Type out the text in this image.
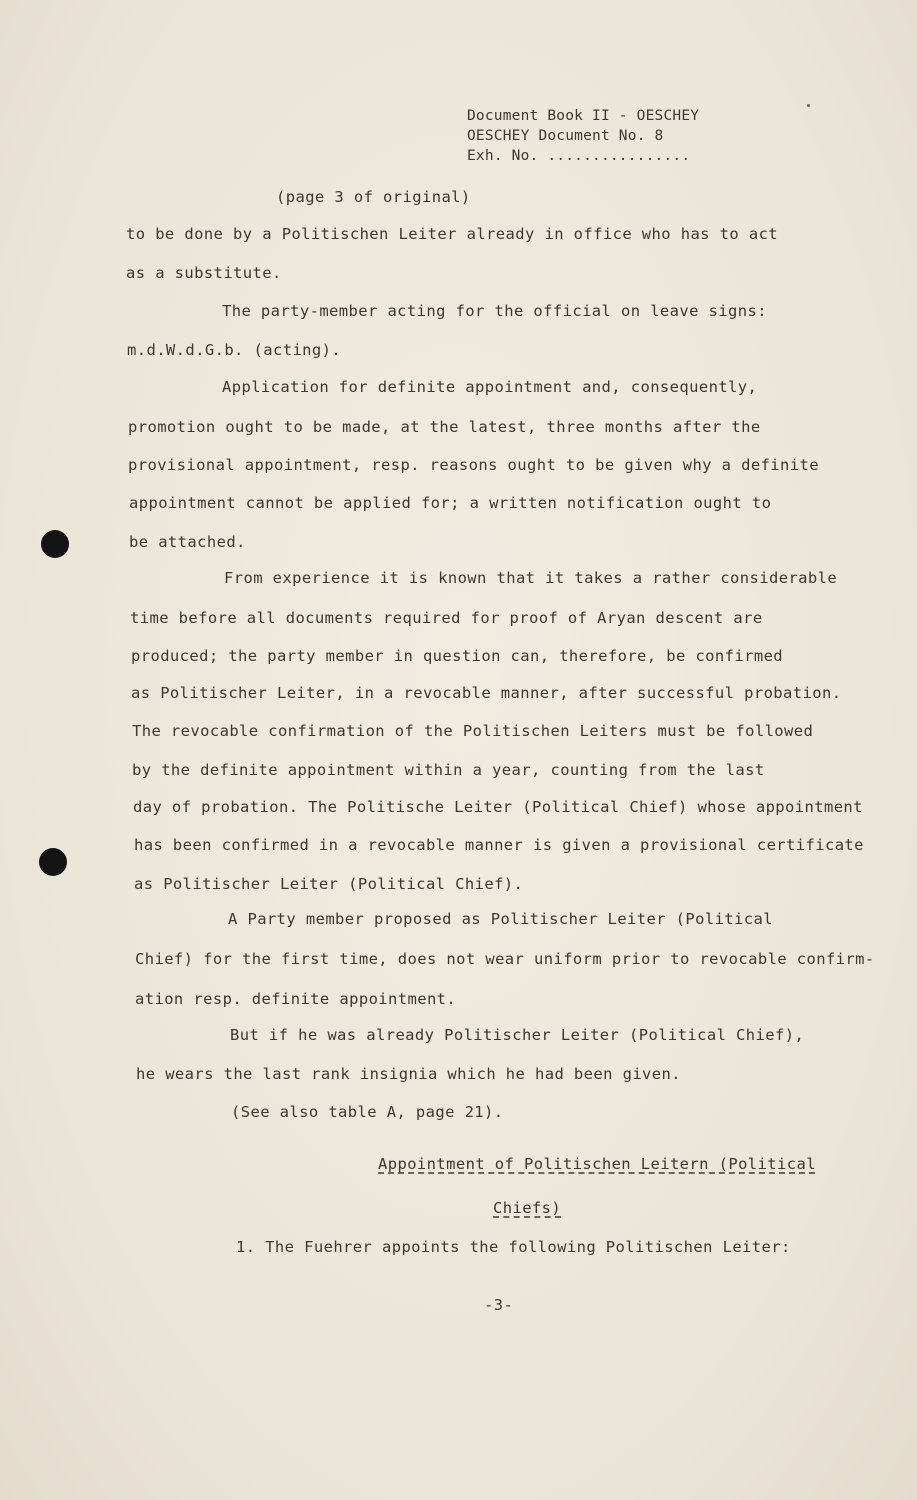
Document Book II - OESCHEY
OESCHEY Document No. 8
Exh. No. ................
(page 3 of original)
to be done by a Politischen Leiter already in office who has to act
as a substitute.
The party-member acting for the official on leave signs:
m.d.W.d.G.b. (acting).
Application for definite appointment and, consequently,
promotion ought to be made, at the latest, three months after the
provisional appointment, resp. reasons ought to be given why a definite
appointment cannot be applied for; a written notification ought to
be attached.
From experience it is known that it takes a rather considerable
time before all documents required for proof of Aryan descent are
produced; the party member in question can, therefore, be confirmed
as Politischer Leiter, in a revocable manner, after successful probation.
The revocable confirmation of the Politischen Leiters must be followed
by the definite appointment within a year, counting from the last
day of probation. The Politische Leiter (Political Chief) whose appointment
has been confirmed in a revocable manner is given a provisional certificate
as Politischer Leiter (Political Chief).
A Party member proposed as Politischer Leiter (Political
Chief) for the first time, does not wear uniform prior to revocable confirm-
ation resp. definite appointment.
But if he was already Politischer Leiter (Political Chief),
he wears the last rank insignia which he had been given.
(See also table A, page 21).
Appointment of Politischen Leitern (Political
Chiefs)
1. The Fuehrer appoints the following Politischen Leiter:
-3-
